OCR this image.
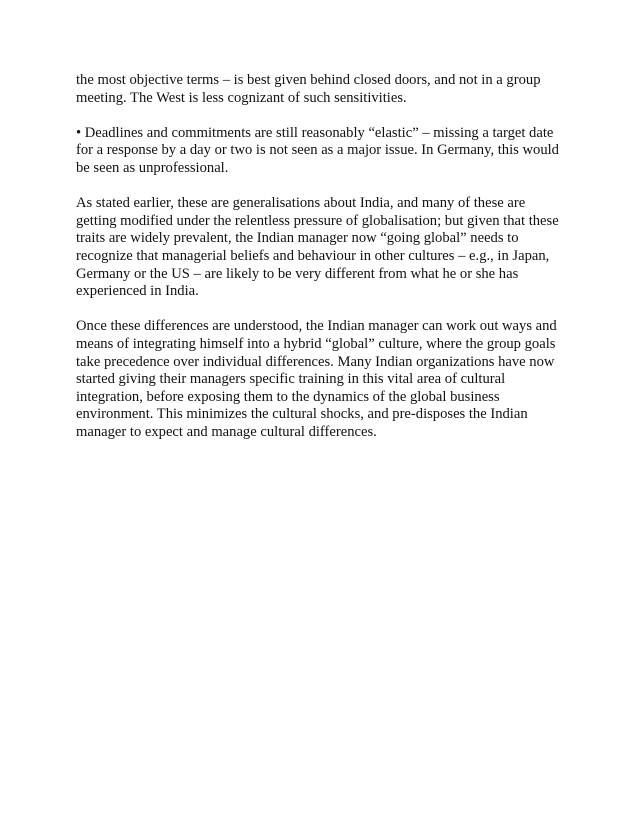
the most objective terms – is best given behind closed doors, and not in a group
meeting. The West is less cognizant of such sensitivities.
• Deadlines and commitments are still reasonably “elastic” – missing a target date
for a response by a day or two is not seen as a major issue. In Germany, this would
be seen as unprofessional.
As stated earlier, these are generalisations about India, and many of these are
getting modified under the relentless pressure of globalisation; but given that these
traits are widely prevalent, the Indian manager now “going global” needs to
recognize that managerial beliefs and behaviour in other cultures – e.g., in Japan,
Germany or the US – are likely to be very different from what he or she has
experienced in India.
Once these differences are understood, the Indian manager can work out ways and
means of integrating himself into a hybrid “global” culture, where the group goals
take precedence over individual differences. Many Indian organizations have now
started giving their managers specific training in this vital area of cultural
integration, before exposing them to the dynamics of the global business
environment. This minimizes the cultural shocks, and pre-disposes the Indian
manager to expect and manage cultural differences.
